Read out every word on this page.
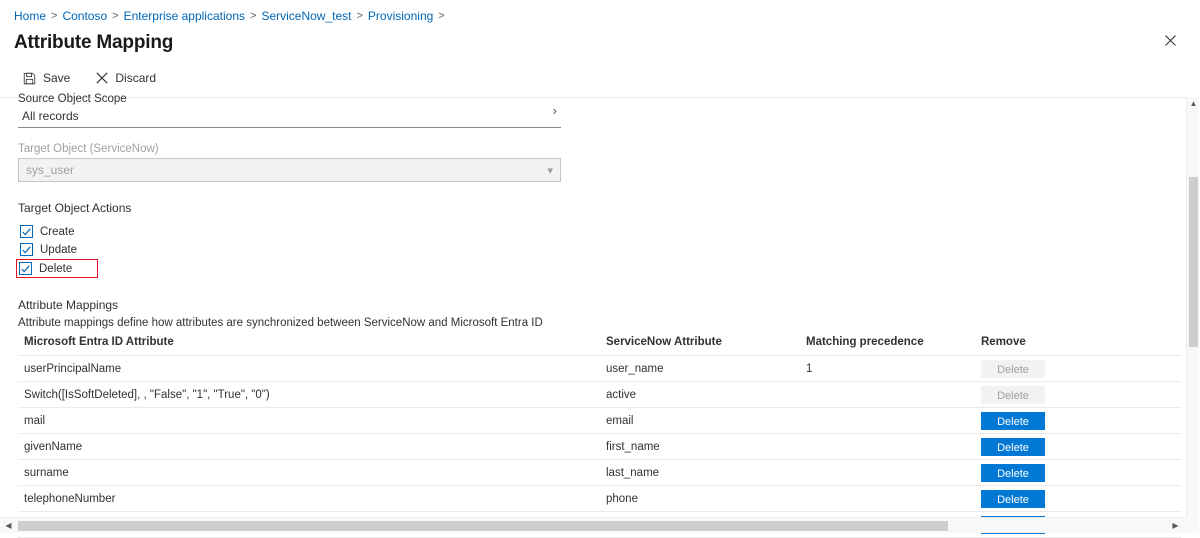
Home > Contoso > Enterprise applications > ServiceNow_test > Provisioning >
Attribute Mapping
Save	Discard
Source Object Scope
All records	›
Target Object (ServiceNow)
sys_user	▾
Target Object Actions
Create
Update
Delete
Attribute Mappings
Attribute mappings define how attributes are synchronized between ServiceNow and Microsoft Entra ID
Microsoft Entra ID Attribute	ServiceNow Attribute	Matching precedence	Remove
userPrincipalName	user_name	1	Delete
Switch([IsSoftDeleted], , "False", "1", "True", "0")	active		Delete
mail	email		Delete
givenName	first_name		Delete
surname	last_name		Delete
telephoneNumber	phone		Delete

▲
◀	▶
